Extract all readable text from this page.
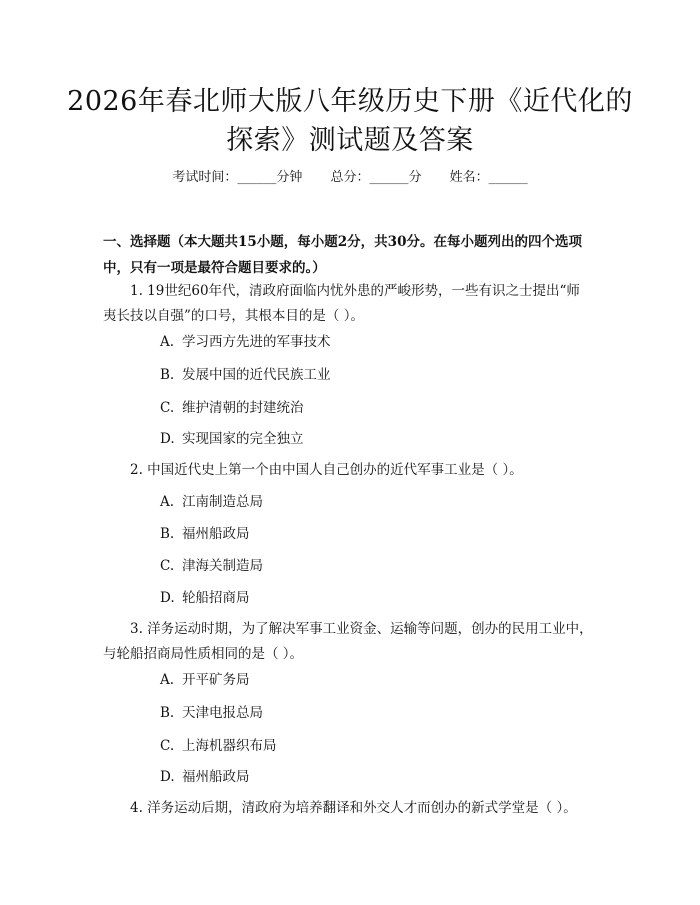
2026年春北师大版八年级历史下册《近代化的探索》测试题及答案
考试时间：______分钟 总分：______分 姓名：______

一、选择题（本大题共15小题，每小题2分，共30分。在每小题列出的四个选项中，只有一项是最符合题目要求的。）

1. 19世纪60年代，清政府面临内忧外患的严峻形势，一些有识之士提出“师夷长技以自强”的口号，其根本目的是（ ）。

A. 学习西方先进的军事技术
B. 发展中国的近代民族工业
C. 维护清朝的封建统治
D. 实现国家的完全独立

2. 中国近代史上第一个由中国人自己创办的近代军事工业是（ ）。

A. 江南制造总局
B. 福州船政局
C. 津海关制造局
D. 轮船招商局

3. 洋务运动时期，为了解决军事工业资金、运输等问题，创办的民用工业中，与轮船招商局性质相同的是（ ）。

A. 开平矿务局
B. 天津电报总局
C. 上海机器织布局
D. 福州船政局

4. 洋务运动后期，清政府为培养翻译和外交人才而创办的新式学堂是（ ）。
